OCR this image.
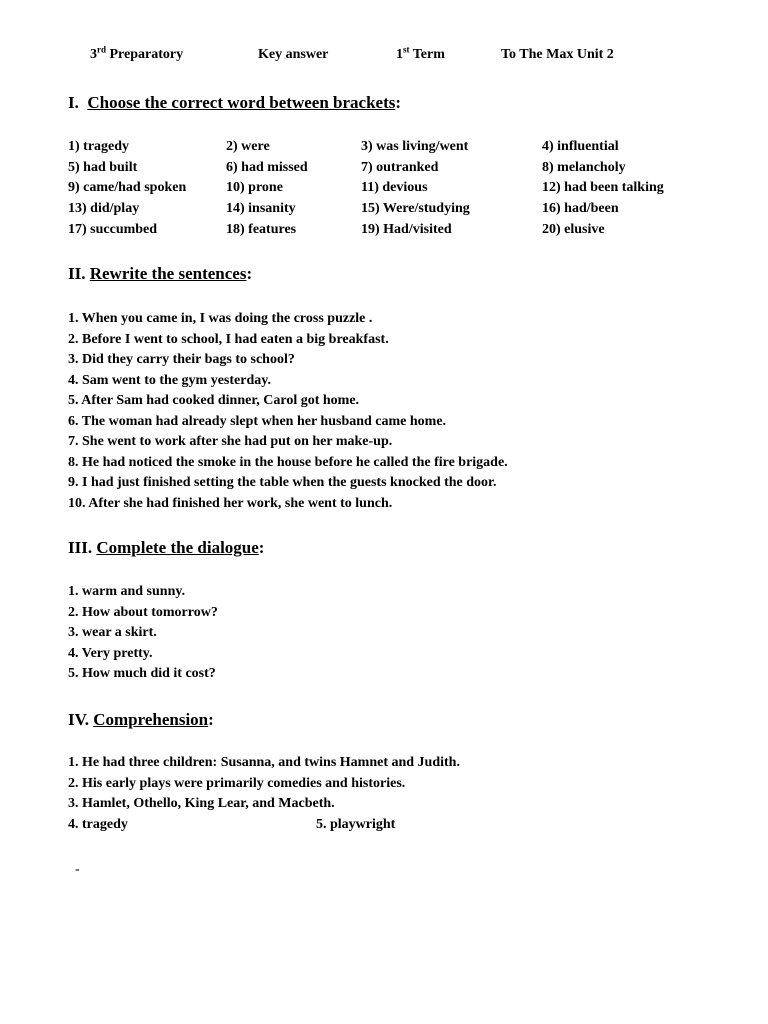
3rd Preparatory	Key answer	1st Term	To The Max Unit 2
I. Choose the correct word between brackets:
1) tragedy	2) were	3) was living/went	4) influential
5) had built	6) had missed	7) outranked	8) melancholy
9) came/had spoken	10) prone	11) devious	12) had been talking
13) did/play	14) insanity	15) Were/studying	16) had/been
17) succumbed	18) features	19) Had/visited	20) elusive
II. Rewrite the sentences:
1. When you came in, I was doing the cross puzzle .
2. Before I went to school, I had eaten a big breakfast.
3. Did they carry their bags to school?
4. Sam went to the gym yesterday.
5. After Sam had cooked dinner, Carol got home.
6. The woman had already slept when her husband came home.
7. She went to work after she had put on her make-up.
8. He had noticed the smoke in the house before he called the fire brigade.
9. I had just finished setting the table when the guests knocked the door.
10. After she had finished her work, she went to lunch.
III. Complete the dialogue:
1. warm and sunny.
2. How about tomorrow?
3. wear a skirt.
4. Very pretty.
5. How much did it cost?
IV. Comprehension:
1. He had three children: Susanna, and twins Hamnet and Judith.
2. His early plays were primarily comedies and histories.
3. Hamlet, Othello, King Lear, and Macbeth.
4. tragedy	5. playwright
-
